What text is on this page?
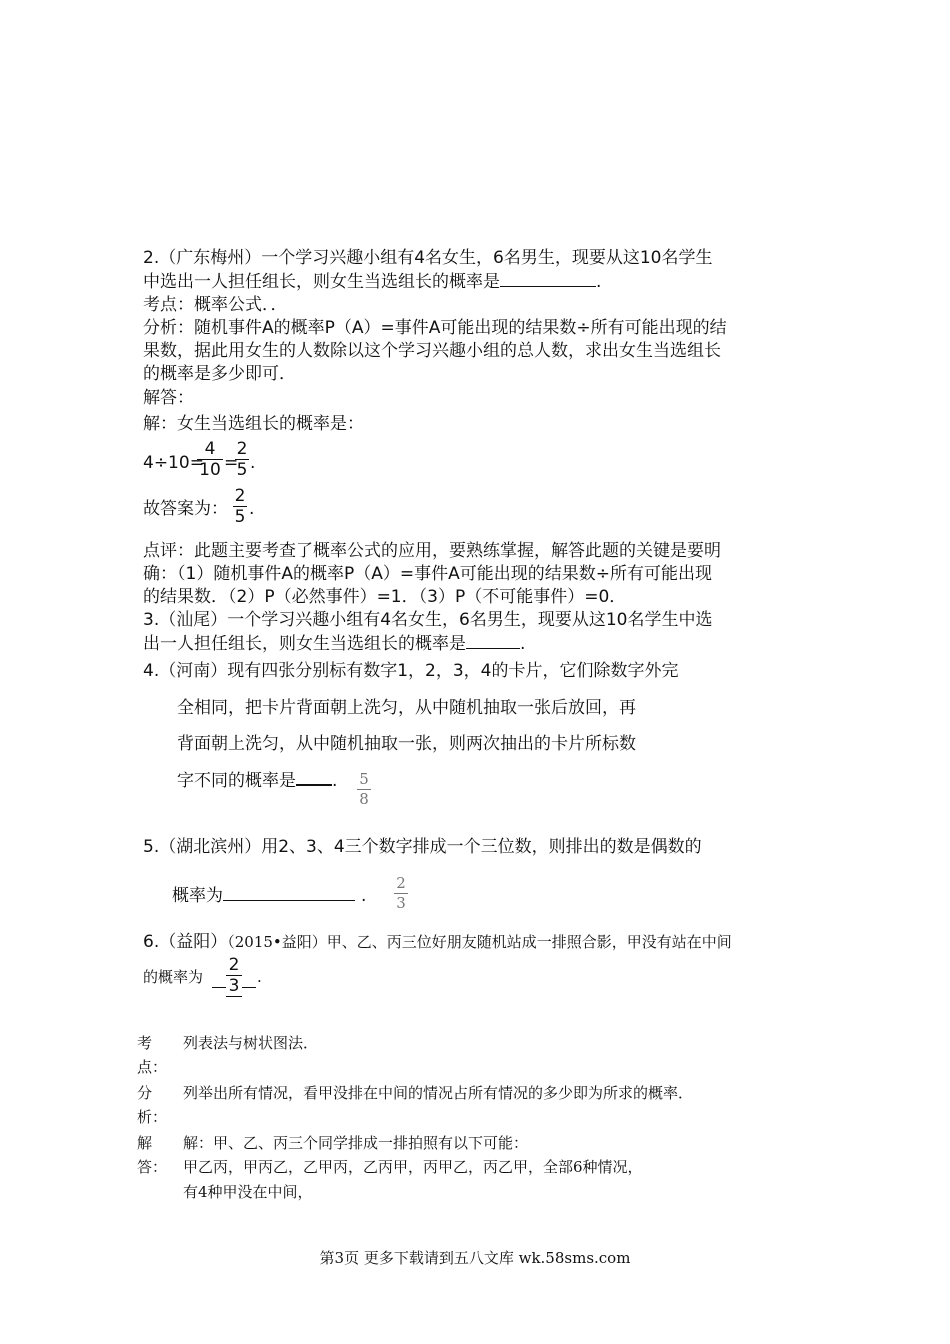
2.（广东梅州）一个学习兴趣小组有4名女生，6名男生，现要从这10名学生
中选出一人担任组长，则女生当选组长的概率是	.
考点：概率公式．．
分析：随机事件A的概率P（A）=事件A可能出现的结果数÷所有可能出现的结
果数，据此用女生的人数除以这个学习兴趣小组的总人数，求出女生当选组长
的概率是多少即可．
解答：
解：女生当选组长的概率是：
4÷10=
4
10 =
2
5 .
故答案为：
2
5 .
点评：此题主要考查了概率公式的应用，要熟练掌握，解答此题的关键是要明
确：（1）随机事件A的概率P（A）=事件A可能出现的结果数÷所有可能出现
的结果数．（2）P（必然事件）=1．（3）P（不可能事件）=0．
3.（汕尾）一个学习兴趣小组有4名女生，6名男生，现要从这10名学生中选
出一人担任组长，则女生当选组长的概率是	.
4.（河南）现有四张分别标有数字1，2，3，4的卡片，它们除数字外完
全相同，把卡片背面朝上洗匀，从中随机抽取一张后放回，再
背面朝上洗匀，从中随机抽取一张，则两次抽出的卡片所标数
字不同的概率是 . 5
8
5.（湖北滨州）用2、3、4三个数字排成一个三位数，则排出的数是偶数的
概率为	.
2
3
6.（益阳）（2015•益阳）甲、乙、丙三位好朋友随机站成一排照合影，甲没有站在中间
的概率为
2
3 .
考
点：
列表法与树状图法．
分
析：
列举出所有情况，看甲没排在中间的情况占所有情况的多少即为所求的概率．
解
答：
解：甲、乙、丙三个同学排成一排拍照有以下可能：
甲乙丙，甲丙乙，乙甲丙，乙丙甲，丙甲乙，丙乙甲，全部6种情况，
有4种甲没在中间，
第3页 更多下载请到五八文库 wk.58sms.com
